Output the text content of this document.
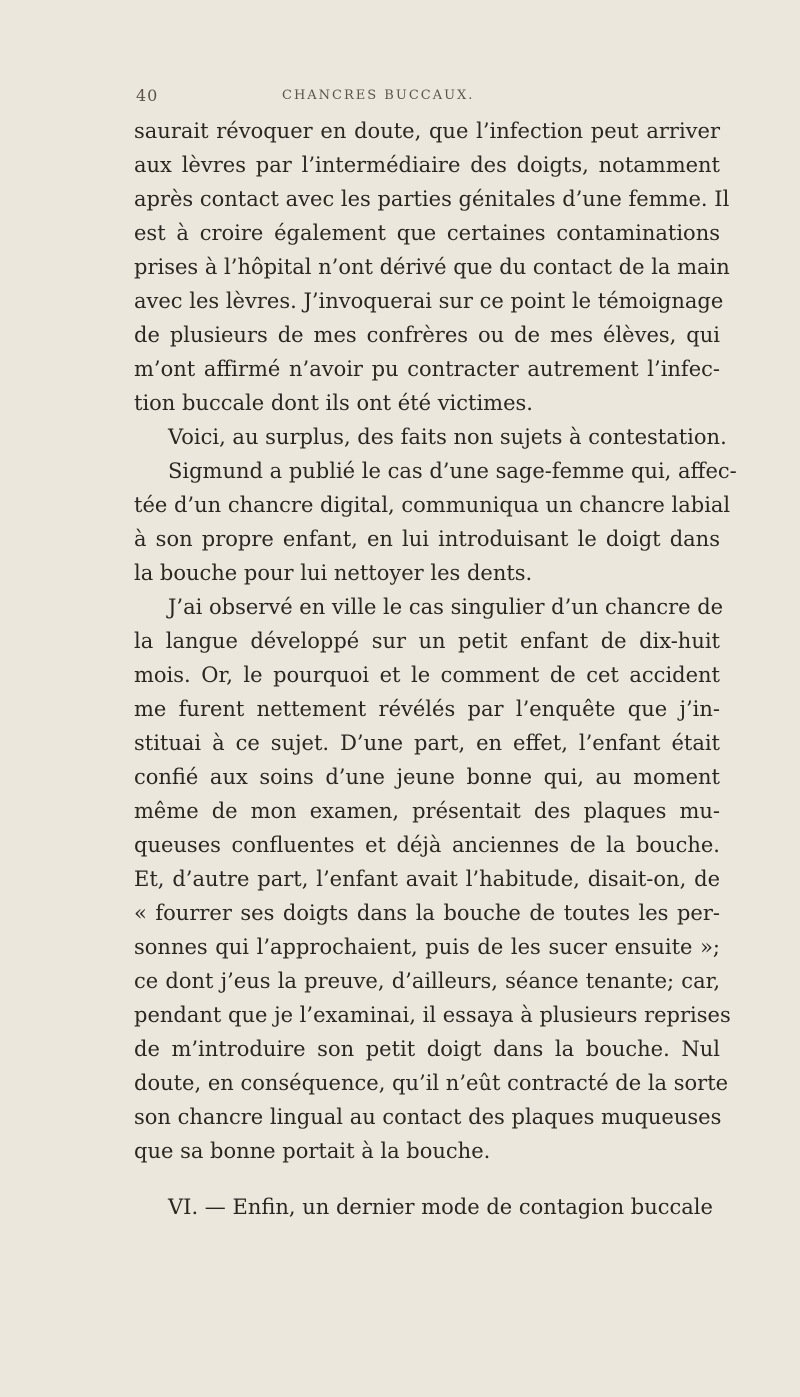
40	CHANCRES BUCCAUX.
saurait révoquer en doute, que l’infection peut arriver
aux lèvres par l’intermédiaire des doigts, notamment
après contact avec les parties génitales d’une femme. Il
est à croire également que certaines contaminations
prises à l’hôpital n’ont dérivé que du contact de la main
avec les lèvres. J’invoquerai sur ce point le témoignage
de plusieurs de mes confrères ou de mes élèves, qui
m’ont affirmé n’avoir pu contracter autrement l’infec-
tion buccale dont ils ont été victimes.
Voici, au surplus, des faits non sujets à contestation.
Sigmund a publié le cas d’une sage-femme qui, affec-
tée d’un chancre digital, communiqua un chancre labial
à son propre enfant, en lui introduisant le doigt dans
la bouche pour lui nettoyer les dents.
J’ai observé en ville le cas singulier d’un chancre de
la langue développé sur un petit enfant de dix-huit
mois. Or, le pourquoi et le comment de cet accident
me furent nettement révélés par l’enquête que j’in-
stituai à ce sujet. D’une part, en effet, l’enfant était
confié aux soins d’une jeune bonne qui, au moment
même de mon examen, présentait des plaques mu-
queuses confluentes et déjà anciennes de la bouche.
Et, d’autre part, l’enfant avait l’habitude, disait-on, de
« fourrer ses doigts dans la bouche de toutes les per-
sonnes qui l’approchaient, puis de les sucer ensuite »;
ce dont j’eus la preuve, d’ailleurs, séance tenante; car,
pendant que je l’examinai, il essaya à plusieurs reprises
de m’introduire son petit doigt dans la bouche. Nul
doute, en conséquence, qu’il n’eût contracté de la sorte
son chancre lingual au contact des plaques muqueuses
que sa bonne portait à la bouche.
VI. — Enfin, un dernier mode de contagion buccale
